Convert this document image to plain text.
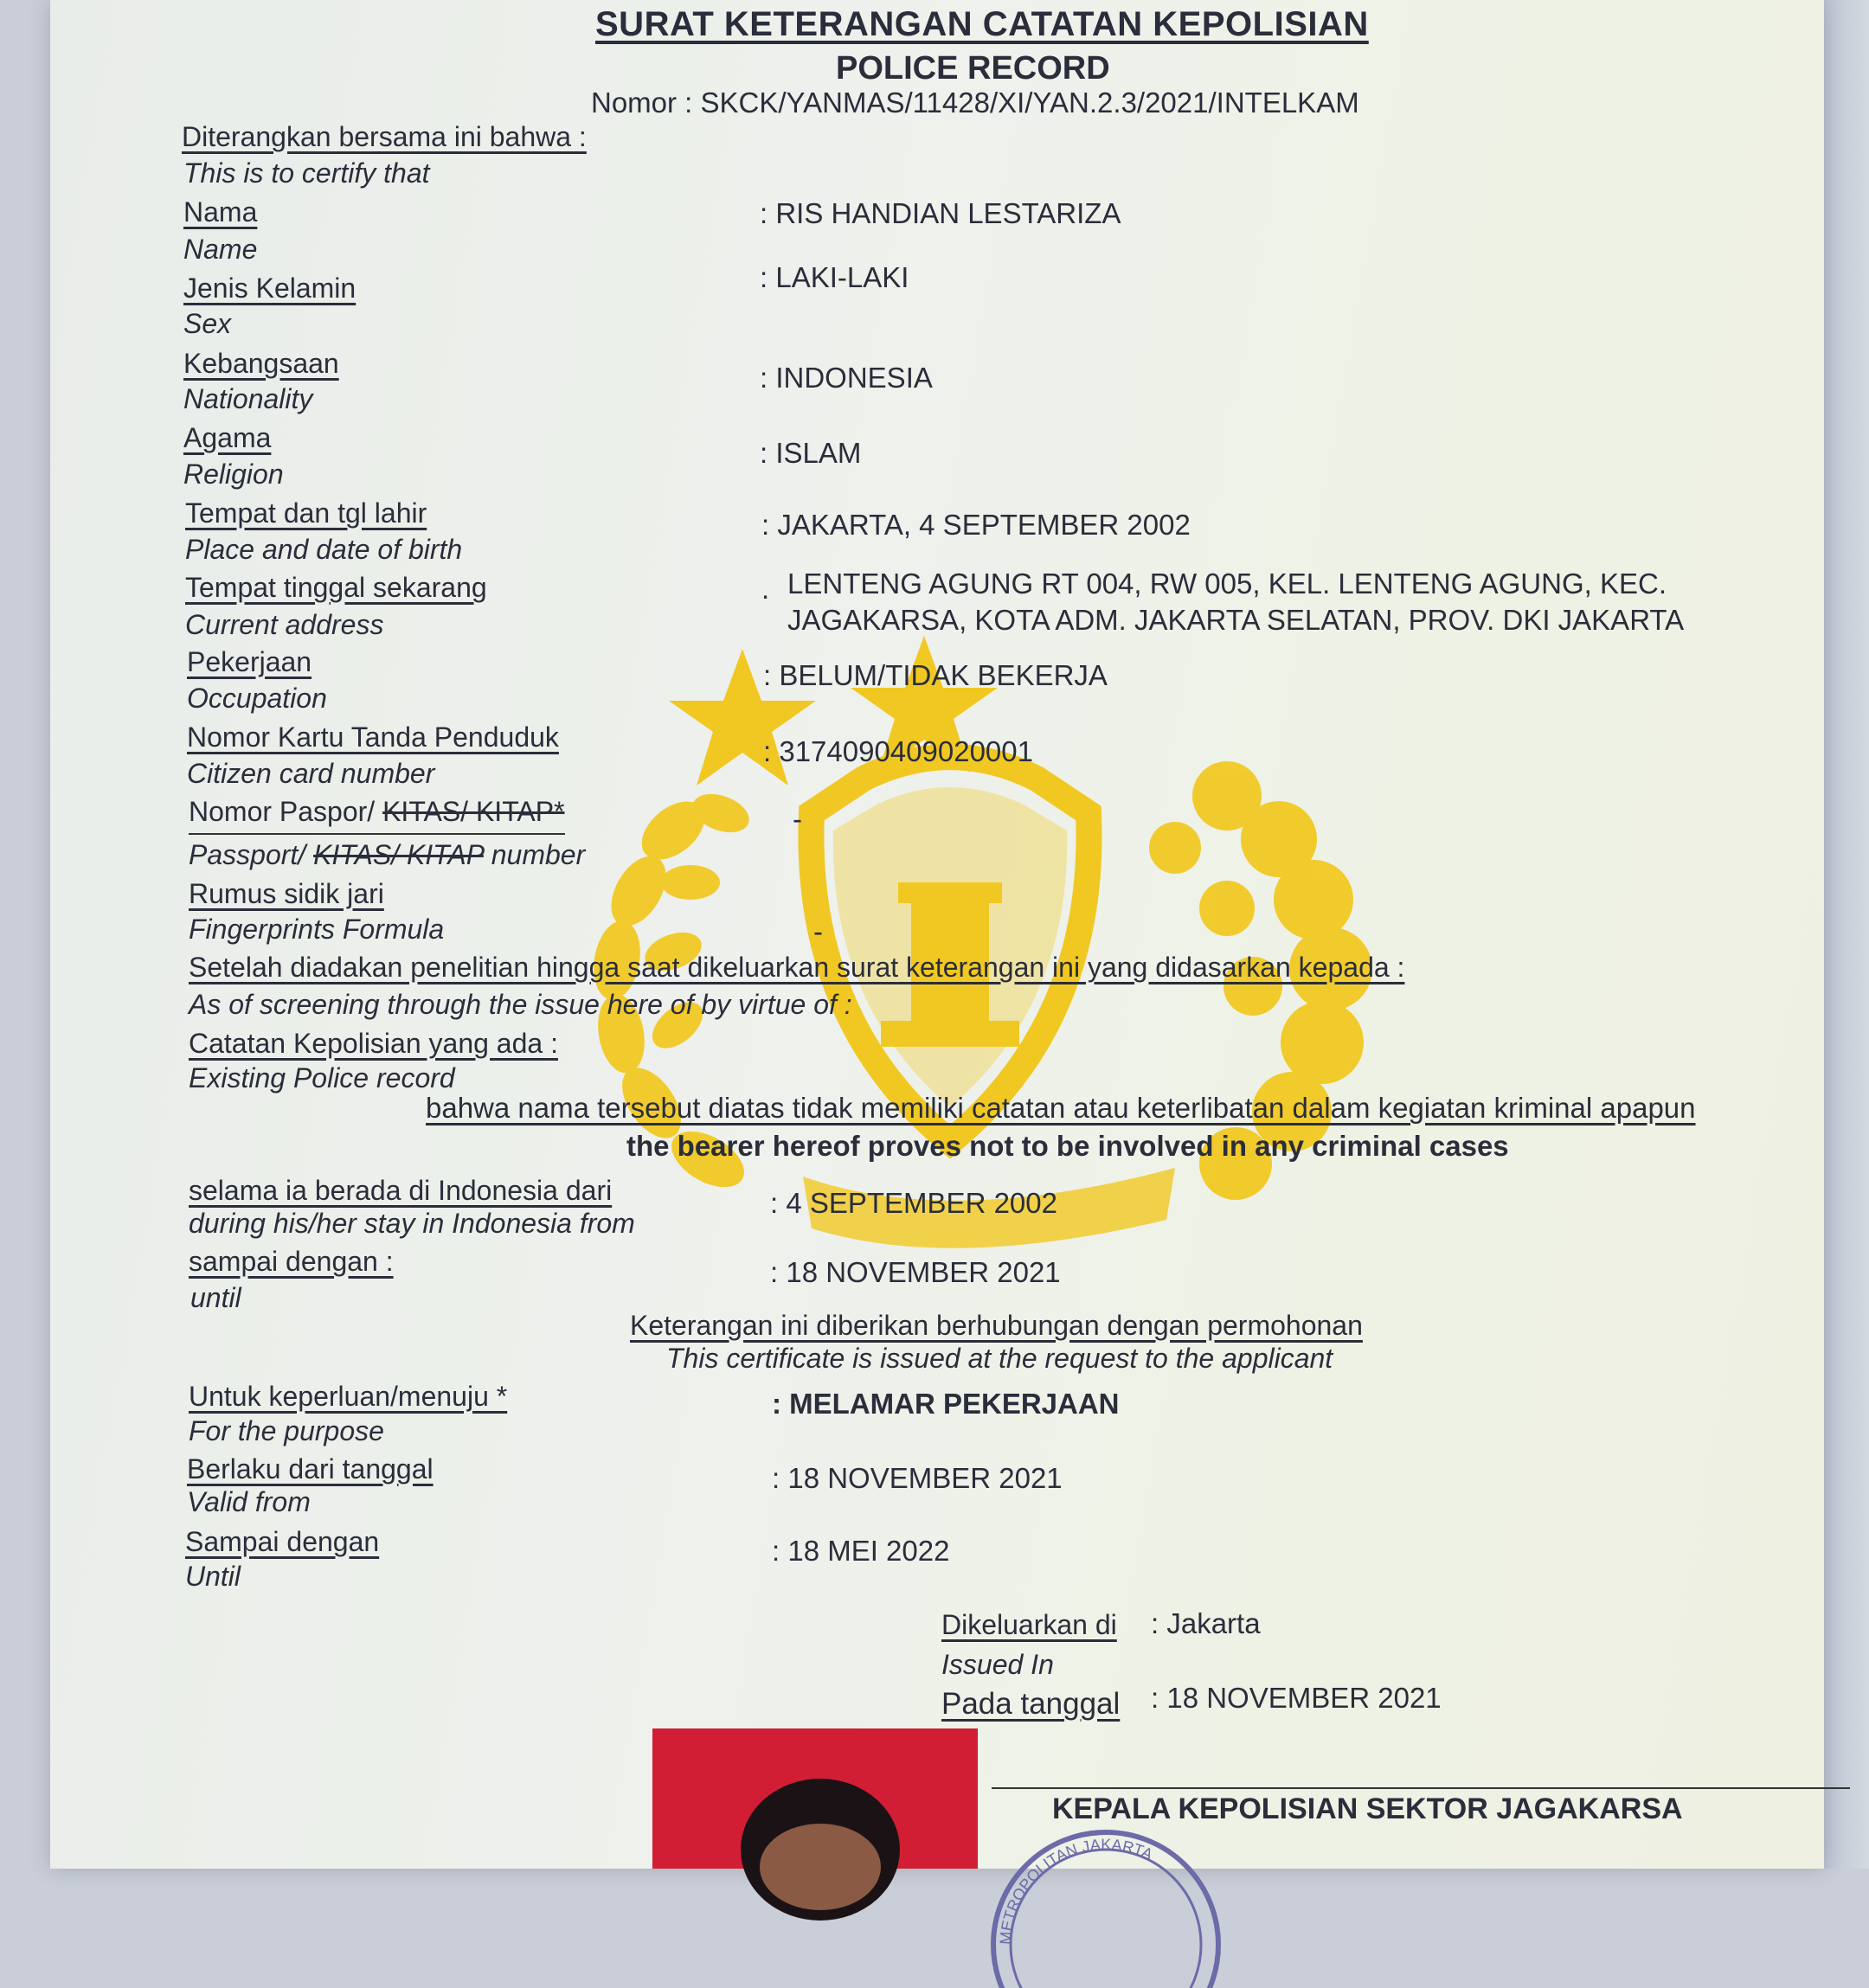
SURAT KETERANGAN CATATAN KEPOLISIAN
POLICE RECORD
Nomor : SKCK/YANMAS/11428/XI/YAN.2.3/2021/INTELKAM
Diterangkan bersama ini bahwa :
This is to certify that
Nama
Name
: RIS HANDIAN LESTARIZA
Jenis Kelamin
Sex
: LAKI-LAKI
Kebangsaan
Nationality
: INDONESIA
Agama
Religion
: ISLAM
Tempat dan tgl lahir
Place and date of birth
: JAKARTA, 4 SEPTEMBER 2002
Tempat tinggal sekarang
Current address
. LENTENG AGUNG RT 004, RW 005, KEL. LENTENG AGUNG, KEC.
JAGAKARSA, KOTA ADM. JAKARTA SELATAN, PROV. DKI JAKARTA
Pekerjaan
Occupation
: BELUM/TIDAK BEKERJA
Nomor Kartu Tanda Penduduk
Citizen card number
: 3174090409020001
Nomor Paspor/ KITAS/ KITAP*
Passport/ KITAS/ KITAP number
-
Rumus sidik jari
Fingerprints Formula	-
Setelah diadakan penelitian hingga saat dikeluarkan surat keterangan ini yang didasarkan kepada :
As of screening through the issue here of by virtue of :
Catatan Kepolisian yang ada :
Existing Police record
bahwa nama tersebut diatas tidak memiliki catatan atau keterlibatan dalam kegiatan kriminal apapun
the bearer hereof proves not to be involved in any criminal cases
selama ia berada di Indonesia dari
during his/her stay in Indonesia from
: 4 SEPTEMBER 2002
sampai dengan :
until
: 18 NOVEMBER 2021
Keterangan ini diberikan berhubungan dengan permohonan
This certificate is issued at the request to the applicant
Untuk keperluan/menuju *
For the purpose
: MELAMAR PEKERJAAN
Berlaku dari tanggal
Valid from
: 18 NOVEMBER 2021
Sampai dengan
Until
: 18 MEI 2022
Dikeluarkan di
Issued In
: Jakarta
Pada tanggal : 18 NOVEMBER 2021
KEPALA KEPOLISIAN SEKTOR JAGAKARSA
METROPOLITAN JAKARTA
